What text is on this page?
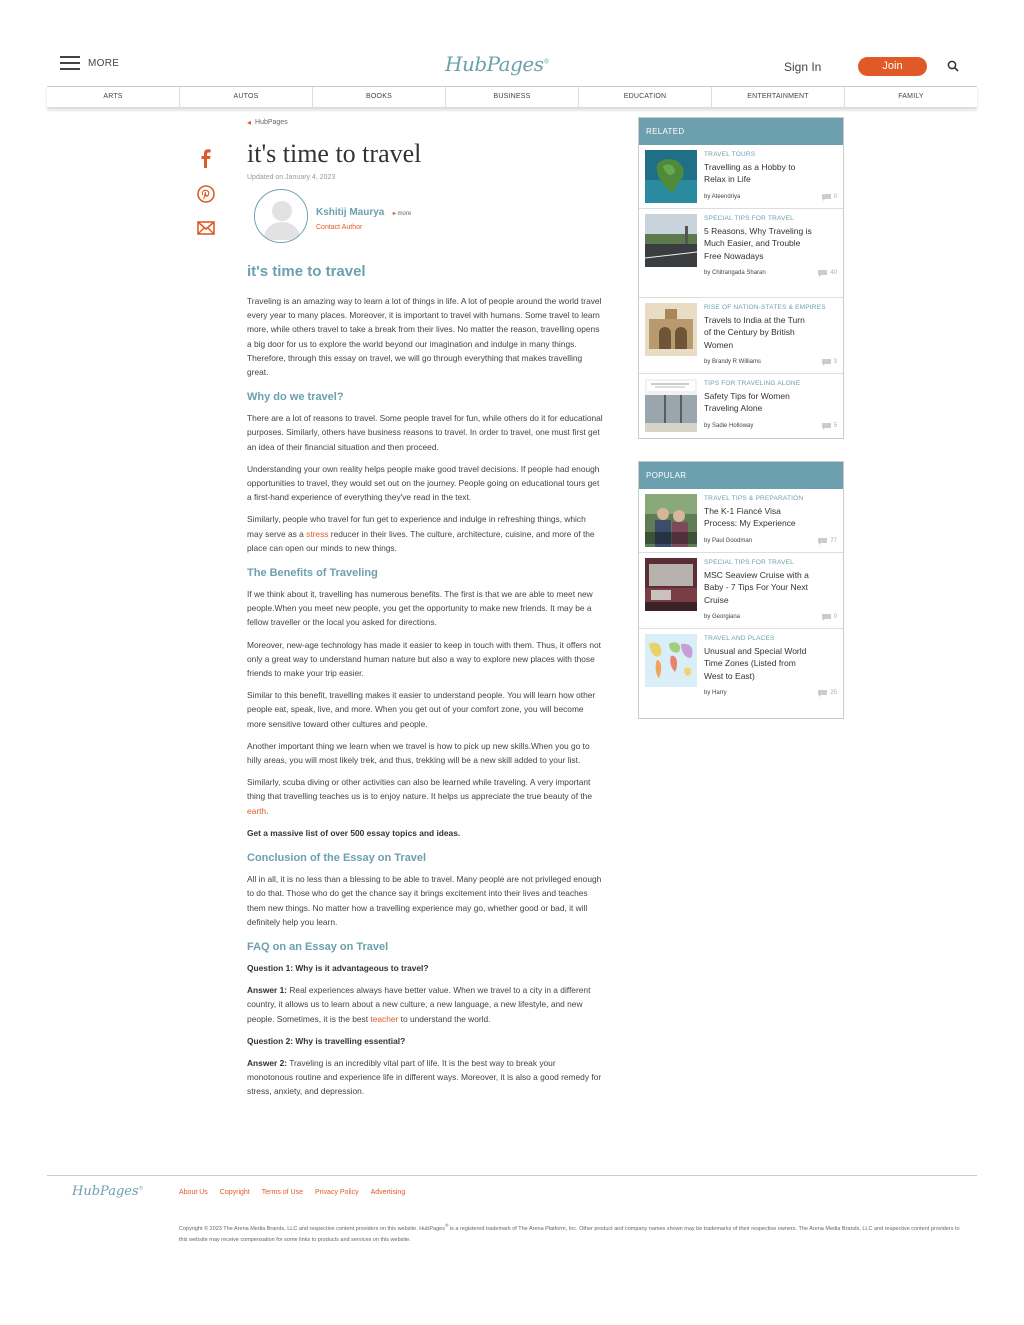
MORE	HubPages®	Sign In	Join
ARTS	AUTOS	BOOKS	BUSINESS	EDUCATION	ENTERTAINMENT	FAMILY
◂ HubPages
it's time to travel
Updated on January 4, 2023
Kshitij Maurya ▸ more
Contact Author
it's time to travel

Traveling is an amazing way to learn a lot of things in life. A lot of people around the world travel every year to many places. Moreover, it is important to travel with humans. Some travel to learn more, while others travel to take a break from their lives. No matter the reason, travelling opens a big door for us to explore the world beyond our imagination and indulge in many things. Therefore, through this essay on travel, we will go through everything that makes travelling great.

Why do we travel?

There are a lot of reasons to travel. Some people travel for fun, while others do it for educational purposes. Similarly, others have business reasons to travel. In order to travel, one must first get an idea of their financial situation and then proceed.

Understanding your own reality helps people make good travel decisions. If people had enough opportunities to travel, they would set out on the journey. People going on educational tours get a first-hand experience of everything they've read in the text.

Similarly, people who travel for fun get to experience and indulge in refreshing things, which may serve as a stress reducer in their lives. The culture, architecture, cuisine, and more of the place can open our minds to new things.

The Benefits of Traveling

If we think about it, travelling has numerous benefits. The first is that we are able to meet new people.When you meet new people, you get the opportunity to make new friends. It may be a fellow traveller or the local you asked for directions.

Moreover, new-age technology has made it easier to keep in touch with them. Thus, it offers not only a great way to understand human nature but also a way to explore new places with those friends to make your trip easier.

Similar to this benefit, travelling makes it easier to understand people. You will learn how other people eat, speak, live, and more. When you get out of your comfort zone, you will become more sensitive toward other cultures and people.

Another important thing we learn when we travel is how to pick up new skills.When you go to hilly areas, you will most likely trek, and thus, trekking will be a new skill added to your list.

Similarly, scuba diving or other activities can also be learned while traveling. A very important thing that travelling teaches us is to enjoy nature. It helps us appreciate the true beauty of the earth.

Get a massive list of over 500 essay topics and ideas.

Conclusion of the Essay on Travel

All in all, it is no less than a blessing to be able to travel. Many people are not privileged enough to do that. Those who do get the chance say it brings excitement into their lives and teaches them new things. No matter how a travelling experience may go, whether good or bad, it will definitely help you learn.

FAQ on an Essay on Travel

Question 1: Why is it advantageous to travel?

Answer 1: Real experiences always have better value. When we travel to a city in a different country, it allows us to learn about a new culture, a new language, a new lifestyle, and new people. Sometimes, it is the best teacher to understand the world.

Question 2: Why is travelling essential?

Answer 2: Traveling is an incredibly vital part of life. It is the best way to break your monotonous routine and experience life in different ways. Moreover, it is also a good remedy for stress, anxiety, and depression.

RELATED
TRAVEL TOURS
Travelling as a Hobby to Relax in Life
by Ateendriya	0
SPECIAL TIPS FOR TRAVEL
5 Reasons, Why Traveling is Much Easier, and Trouble Free Nowadays
by Chitrangada Sharan	40
RISE OF NATION-STATES & EMPIRES
Travels to India at the Turn of the Century by British Women
by Brandy R Williams	3
TIPS FOR TRAVELING ALONE
Safety Tips for Women Traveling Alone
by Sadie Holloway	5
POPULAR
TRAVEL TIPS & PREPARATION
The K-1 Fiancé Visa Process: My Experience
by Paul Goodman	77
SPECIAL TIPS FOR TRAVEL
MSC Seaview Cruise with a Baby - 7 Tips For Your Next Cruise
by Georgiana	0
TRAVEL AND PLACES
Unusual and Special World Time Zones (Listed from West to East)
by Harry	25
HubPages®
About Us Copyright Terms of Use Privacy Policy Advertising
Copyright © 2023 The Arena Media Brands, LLC and respective content providers on this website. HubPages® is a registered trademark of The Arena Platform, Inc. Other product and company names shown may be trademarks of their respective owners. The Arena Media Brands, LLC and respective content providers to this website may receive compensation for some links to products and services on this website.
